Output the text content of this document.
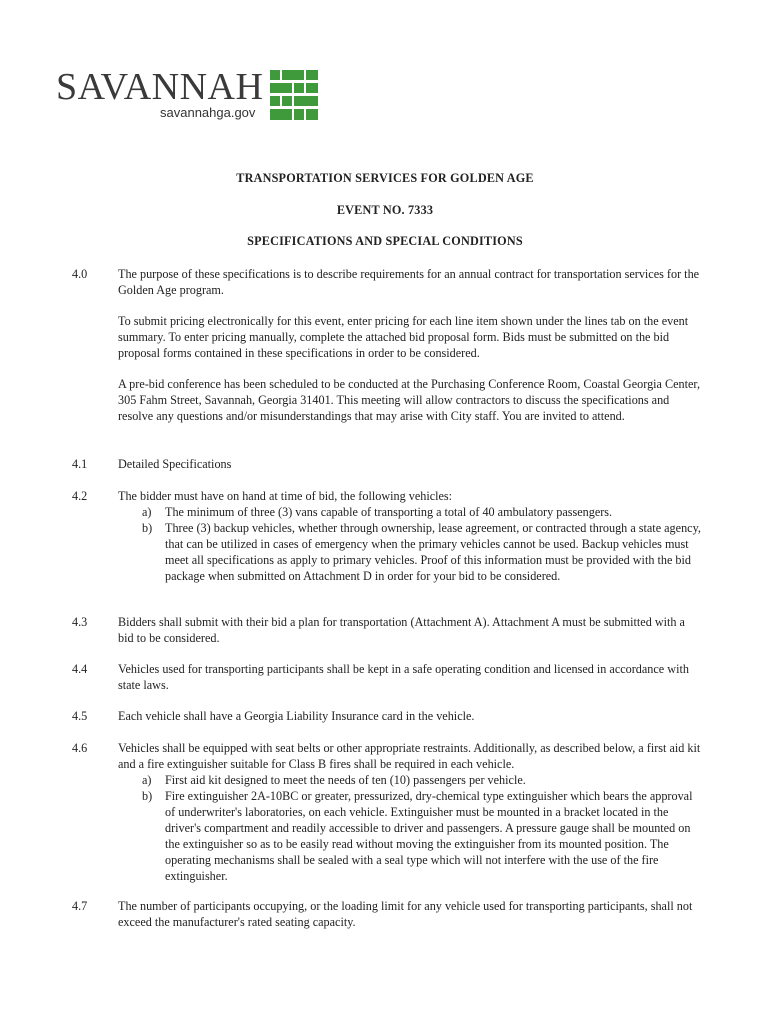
SAVANNAH
savannahga.gov
TRANSPORTATION SERVICES FOR GOLDEN AGE
EVENT NO. 7333
SPECIFICATIONS AND SPECIAL CONDITIONS
4.0	The purpose of these specifications is to describe requirements for an annual contract for transportation services for the Golden Age program.

To submit pricing electronically for this event, enter pricing for each line item shown under the lines tab on the event summary. To enter pricing manually, complete the attached bid proposal form. Bids must be submitted on the bid proposal forms contained in these specifications in order to be considered.

A pre-bid conference has been scheduled to be conducted at the Purchasing Conference Room, Coastal Georgia Center, 305 Fahm Street, Savannah, Georgia 31401. This meeting will allow contractors to discuss the specifications and resolve any questions and/or misunderstandings that may arise with City staff. You are invited to attend.

4.1	Detailed Specifications

4.2	The bidder must have on hand at time of bid, the following vehicles:
a) The minimum of three (3) vans capable of transporting a total of 40 ambulatory passengers.
b) Three (3) backup vehicles, whether through ownership, lease agreement, or contracted through a state agency, that can be utilized in cases of emergency when the primary vehicles cannot be used. Backup vehicles must meet all specifications as apply to primary vehicles. Proof of this information must be provided with the bid package when submitted on Attachment D in order for your bid to be considered.
4.3	Bidders shall submit with their bid a plan for transportation (Attachment A). Attachment A must be submitted with a bid to be considered.

4.4	Vehicles used for transporting participants shall be kept in a safe operating condition and licensed in accordance with state laws.

4.5	Each vehicle shall have a Georgia Liability Insurance card in the vehicle.

4.6	Vehicles shall be equipped with seat belts or other appropriate restraints. Additionally, as described below, a first aid kit and a fire extinguisher suitable for Class B fires shall be required in each vehicle.
a) First aid kit designed to meet the needs of ten (10) passengers per vehicle.
b) Fire extinguisher 2A-10BC or greater, pressurized, dry-chemical type extinguisher which bears the approval of underwriter's laboratories, on each vehicle. Extinguisher must be mounted in a bracket located in the driver's compartment and readily accessible to driver and passengers. A pressure gauge shall be mounted on the extinguisher so as to be easily read without moving the extinguisher from its mounted position. The operating mechanisms shall be sealed with a seal type which will not interfere with the use of the fire extinguisher.
4.7	The number of participants occupying, or the loading limit for any vehicle used for transporting participants, shall not exceed the manufacturer's rated seating capacity.
